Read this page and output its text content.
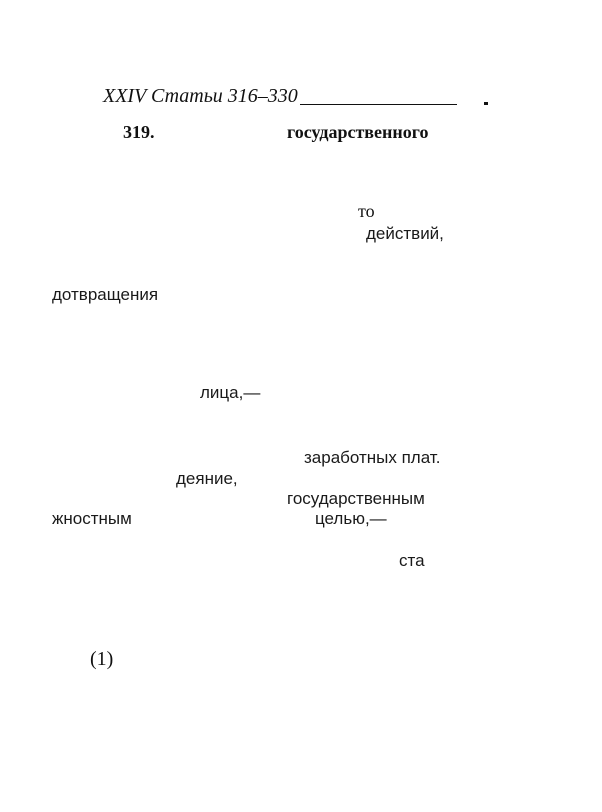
XXIV Статьи 316–330
319.	государственного
то
действий,
дотвращения
лица,—
заработных плат.
деяние,
государственным
жностным	целью,—
ста
(1)
